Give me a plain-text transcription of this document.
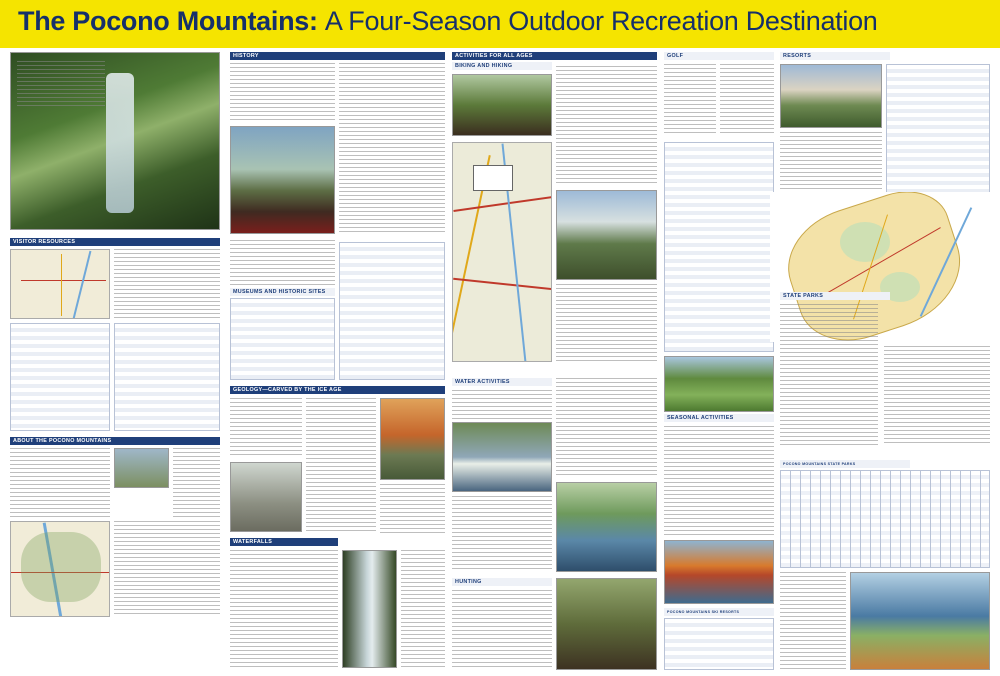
The Pocono Mountains: A Four-Season Outdoor Recreation Destination
VISITOR RESOURCES
ABOUT THE POCONO MOUNTAINS
HISTORY
MUSEUMS AND HISTORIC SITES
GEOLOGY—CARVED BY THE ICE AGE
WATERFALLS
ACTIVITIES FOR ALL AGES
BIKING AND HIKING
WATER ACTIVITIES
HUNTING
GOLF
SEASONAL ACTIVITIES
POCONO MOUNTAINS SKI RESORTS
RESORTS
STATE PARKS
POCONO MOUNTAINS STATE PARKS
